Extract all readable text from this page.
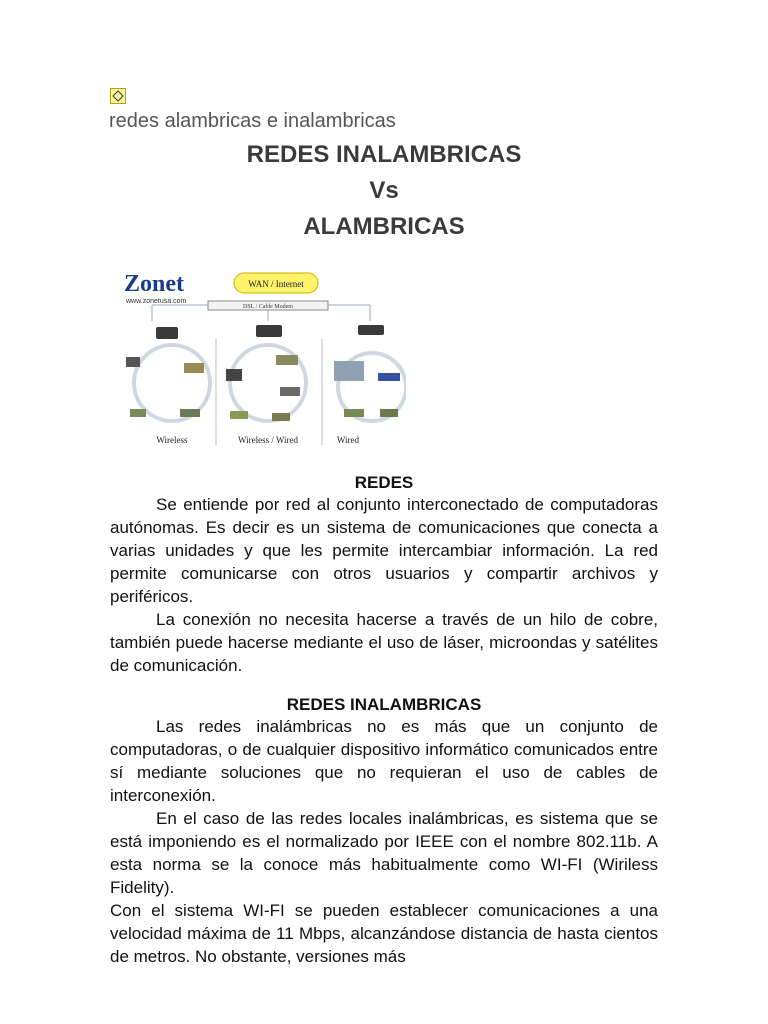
redes alambricas e inalambricas
REDES INALAMBRICAS
Vs
ALAMBRICAS
Zonet
www.zonetusa.com
WAN / Internet
DSL / Cable Modem
Wireless	Wireless / Wired	Wired

REDES

Se entiende por red al conjunto interconectado de computadoras autónomas. Es decir es un sistema de comunicaciones que conecta a varias unidades y que les permite intercambiar información. La red permite comunicarse con otros usuarios y compartir archivos y periféricos.

La conexión no necesita hacerse a través de un hilo de cobre, también puede hacerse mediante el uso de láser, microondas y satélites de comunicación.

REDES INALAMBRICAS

Las redes inalámbricas no es más que un conjunto de computadoras, o de cualquier dispositivo informático comunicados entre sí mediante soluciones que no requieran el uso de cables de interconexión.

En el caso de las redes locales inalámbricas, es sistema que se está imponiendo es el normalizado por IEEE con el nombre 802.11b. A esta norma se la conoce más habitualmente como WI-FI (Wiriless Fidelity).

Con el sistema WI-FI se pueden establecer comunicaciones a una velocidad máxima de 11 Mbps, alcanzándose distancia de hasta cientos de metros. No obstante, versiones más
